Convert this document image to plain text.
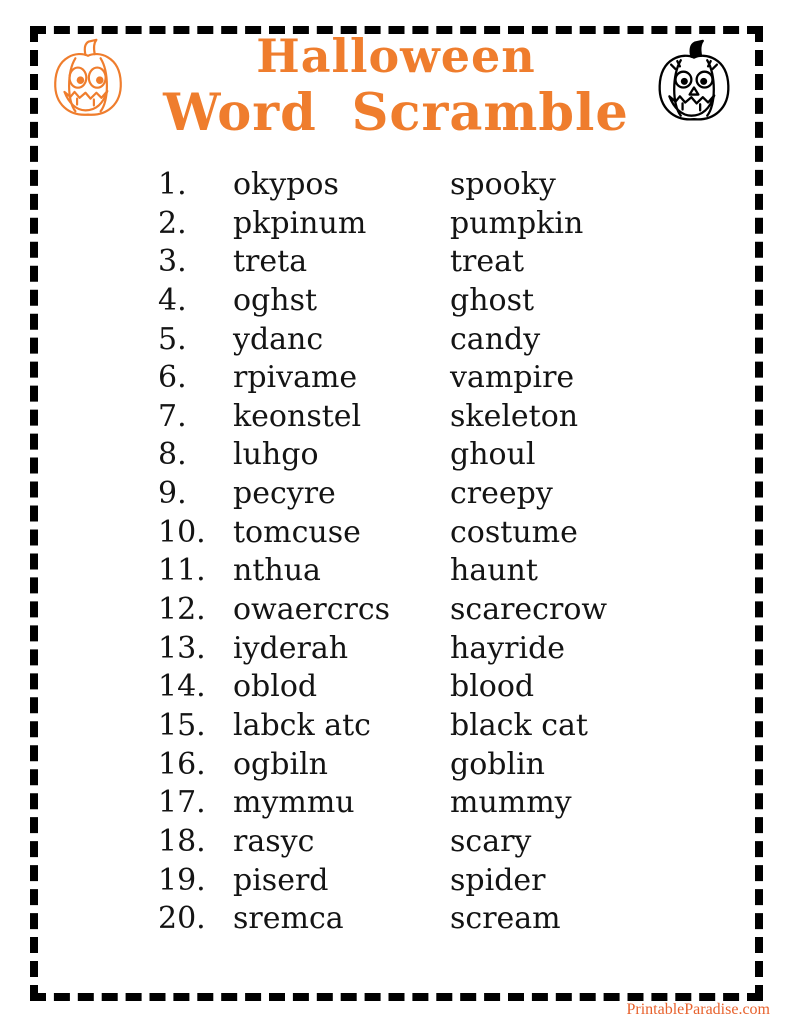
Halloween
Word Scramble
1.	okypos	spooky
2.	pkpinum	pumpkin
3.	treta	treat
4.	oghst	ghost
5.	ydanc	candy
6.	rpivame	vampire
7.	keonstel	skeleton
8.	luhgo	ghoul
9.	pecyre	creepy
10. tomcuse	costume
11. nthua	haunt
12. owaercrcs	scarecrow
13. iyderah	hayride
14. oblod	blood
15. labck atc	black cat
16. ogbiln	goblin
17. mymmu	mummy
18. rasyc	scary
19. piserd	spider
20. sremca	scream
PrintableParadise.com
